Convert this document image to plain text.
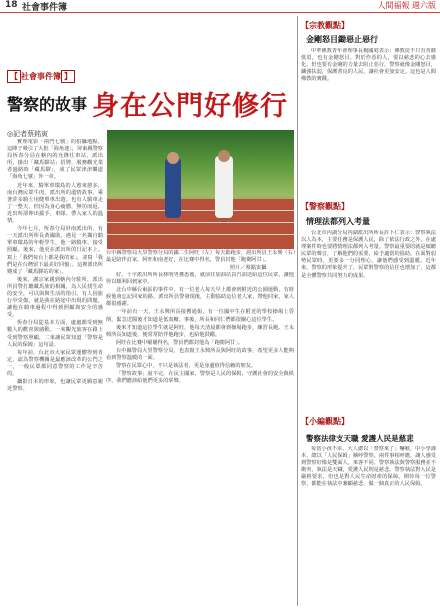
18 社會事件簿	人間福報 週六版
【 社會事件簿 】
警察的故事 身在公門好修行
◎記者蔡銘寅

實理電影「兩門七號」的拍攝地點，這陣子吸引了大批「海角迷」，屏東縣警察局恆春分局在轄內的允隆往車站，派出所，掛出「藏馬驛站」招牌，服務觀光業者過路時「藏馬驛」，成了民眾津津樂道「海角七號」外一章。

近年來，騎單車環島的人愈來愈多，南台灣民眾牛肉，派出所的溫情故事，乘著許多騎士用健單車出遊。也有人騎車走了一整天，但因為身心疲憊，無功而返。近出所卻伸出援手，車隊、帶入家人的溫情。

今年七月，恆春分局屏南派出所，有一天派出所所長黃國勛，遇見一名獨自騎單車環島的年輕學生，他一路騎車、接受照顧。後來，他更在派出所的日記本上。寫上「我們每台上都是我的家」，並寫「我們是在台灣留下最美好回憶」。這裡派出所變成了「藏馬驛站的家」。

後來，謝宗家親到轄內分駐所，派出所員警打聽藏馬族的相關，為人民找生命的安全，可以與與生活的指引。有人因旅行中受傷，就是我在路途中出現的問題，讓他在騎車過程中得到照顧與安全的感受。

恆春分局從基本方面，處處都受到無數人的歡喜與感動。一來觀光旅客在路上受到警察照顧，二來讓民眾知道「警察是人民的保姆」這句話。

每年前，台北市大家民眾運體得到肯定，認為警察機關是最應該改革的公門之一，一般民眾都同意警察的工作是辛苦的。

攝影日本的形象，也讓民眾更願意親近警察。

台中縣警察局大里警察分局的國二生阿旺（左）每天勤跑步，證出所員王永興（右）最是陪伴訂家，阿旺和南老好，在比賽中得名，警員封他「跑衛阿甘」。
照片／蔡銘寅攝

好，十字派出所所長林明男獲悉後，就前往加油站買汽油送給這位民眾，讓他得以順利回到家中。

北台中縣台東區的事件中，有一位老人每天早上都會到附近的公園運動，有時候他會忘記回家的路。派出所員警發現後，主動協助這位老人家，帶他回家，家人都很感謝。

一年前有一天，王永興所長接獲通報，有一位國中生在附近的學校操場上昏倒，緊急送醫後才知道是低血糖。事後，所長和同仁們都很關心這位學生。

後來才知道這位學生就是阿旺，他每天清晨都會到操場跑步，練習長跑。王永興所長知道後，便常常陪伴他跑步，也給他鼓勵。

阿旺在比賽中屢屢得名，警員們都封他為「跑衛阿甘」。

台中縣警局大里警察分局，也表揚王永興所長與阿旺的故事，希望更多人能夠看到警察溫暖的一面。

警察在民眾心中，不只是執法者，更是身邊值得信賴的朋友。

「警察故事」說不完，在民主國家，警察是人民的保姆，守護社會的安全與秩序，我們應該給他們更多的掌聲。

【宗教觀點】
金剛怒目鋤惡止惡行

中華佛教青年會理事長楊國庭表示：佛教徒不只有菩薩低眉，也有金剛怒目。對於作惡的人，要以慈悲的心去感化，但也要有金剛的力量去阻止惡行。警察就像金剛怒目，鋤強扶弱，保護善良的人民，讓社會更加安定。這也是人間佛教的實踐。

【警察觀點】
情理法都列入考量

台北市內湖分局內湖派出所所長許卜仁表示：警察執法以人為本，主要任務是保護人民，除了依法行政之外，在處理案件時也要將情理法都列入考量。警察最重要的就是傾聽民眾的聲音，了解他們的需要，給予適當的協助。在面對弱勢民眾時，更要多一分同理心，讓他們感受到溫暖。近年來，警察的形象提升了，民眾對警察的信任也增加了，這都是全體警察共同努力的成果。

【小編觀點】
警察法律支天職 愛護人民是慈悲

每當小孩不乖，大人總以「警察來了」嚇唬，中小學課本，總以「人民保姆」稱呼警察。兩件事相呼應，讓人感受到警察好像是雙面人。來客不同，警察執法與警察服務並不衝突，執法是天職，愛護人民則是慈悲。警察執法對人民是嚴格要求，但也是對人民生命財產的保障。期待每一位警察，都能在執法中兼顧慈悲，做一個真正的人民保姆。
